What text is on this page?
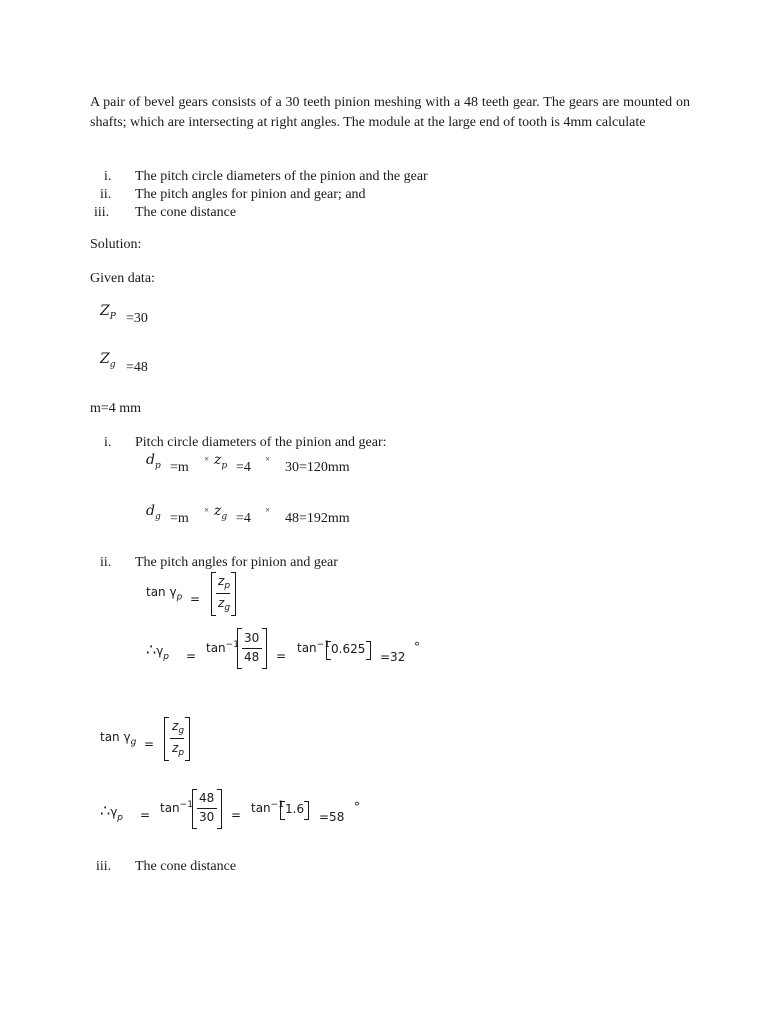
A pair of bevel gears consists of a 30 teeth pinion meshing with a 48 teeth gear. The gears are mounted on shafts; which are intersecting at right angles. The module at the large end of tooth is 4mm calculate
i. The pitch circle diameters of the pinion and the gear
ii. The pitch angles for pinion and gear; and
iii. The cone distance
Solution:
Given data:
$Z_P =30$
$Z_g =48$
m=4 mm
i. Pitch circle diameters of the pinion and gear:
$d_p =m$
× $z_p =4$
×
30=120mm
$d_g =m$
× $z_g =4$
×
48=192mm
ii. The pitch angles for pinion and gear
$\tan \gamma_p$ =
$z_p$
$z_g$
$\therefore\gamma_p$ =
$\tan^{-1} 30$
48 =
$\tan^{-1} 0.625$
=32
°
$\tan \gamma_g$ =
$z_g$
$z_p$
$\therefore\gamma_p = \tan^{-1} 48$
$30 = \tan^{-1} 1.6$
=58
°
iii. The cone distance
